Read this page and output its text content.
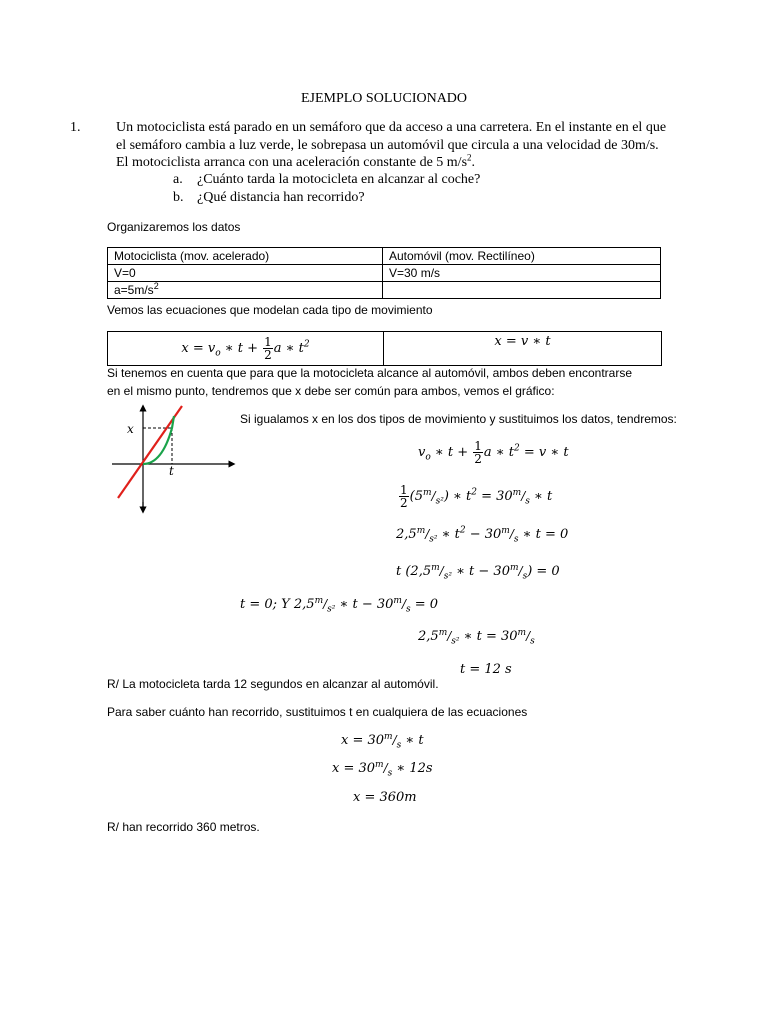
EJEMPLO SOLUCIONADO
1.	Un motociclista está parado en un semáforo que da acceso a una carretera. En el instante en el que
el semáforo cambia a luz verde, le sobrepasa un automóvil que circula a una velocidad de 30m/s.
El motociclista arranca con una aceleración constante de 5 $m/s^2$.
a. ¿Cuánto tarda la motocicleta en alcanzar al coche?
b. ¿Qué distancia han recorrido?
Organizaremos los datos
Motociclista (mov. acelerado)	Automóvil (mov. Rectilíneo)
V=0	V=30 m/s
$a=5m/s^2$	
Vemos las ecuaciones que modelan cada tipo de movimiento
$x = v_o$ ∗ $t + \frac{1}{2}$ a ∗ $t^2$	x = v ∗ t
Si tenemos en cuenta que para que la motocicleta alcance al automóvil, ambos deben encontrarse
en el mismo punto, tendremos que x debe ser común para ambos, vemos el gráfico:
x
t
Si igualamos x en los dos tipos de movimiento y sustituimos los datos, tendremos:
$v_o$ ∗ $t + \frac{1}{2}$ a ∗ $t^2 = v$ ∗ t
$\frac{1}{2} (5^m/_{s^2})$ ∗ $t^2 = 30^m/_s$ ∗ t
$2,5^m/_{s^2}$ ∗ $t^2 - 30^m/_s$ ∗ t = 0
t ($2,5^m/_{s^2}$ ∗ $t - 30^m/_s) = 0$
t = 0; Y $2,5^m/_{s^2}$ ∗ $t - 30^m/_s = 0$
$2,5^m/_{s^2}$ ∗ $t = 30^m/_s$
t = 12 s
R/ La motocicleta tarda 12 segundos en alcanzar al automóvil.
Para saber cuánto han recorrido, sustituimos t en cualquiera de las ecuaciones
$x = 30^m/_s$ ∗ t
$x = 30^m/_s$ ∗ 12s
x = 360m
R/ han recorrido 360 metros.
